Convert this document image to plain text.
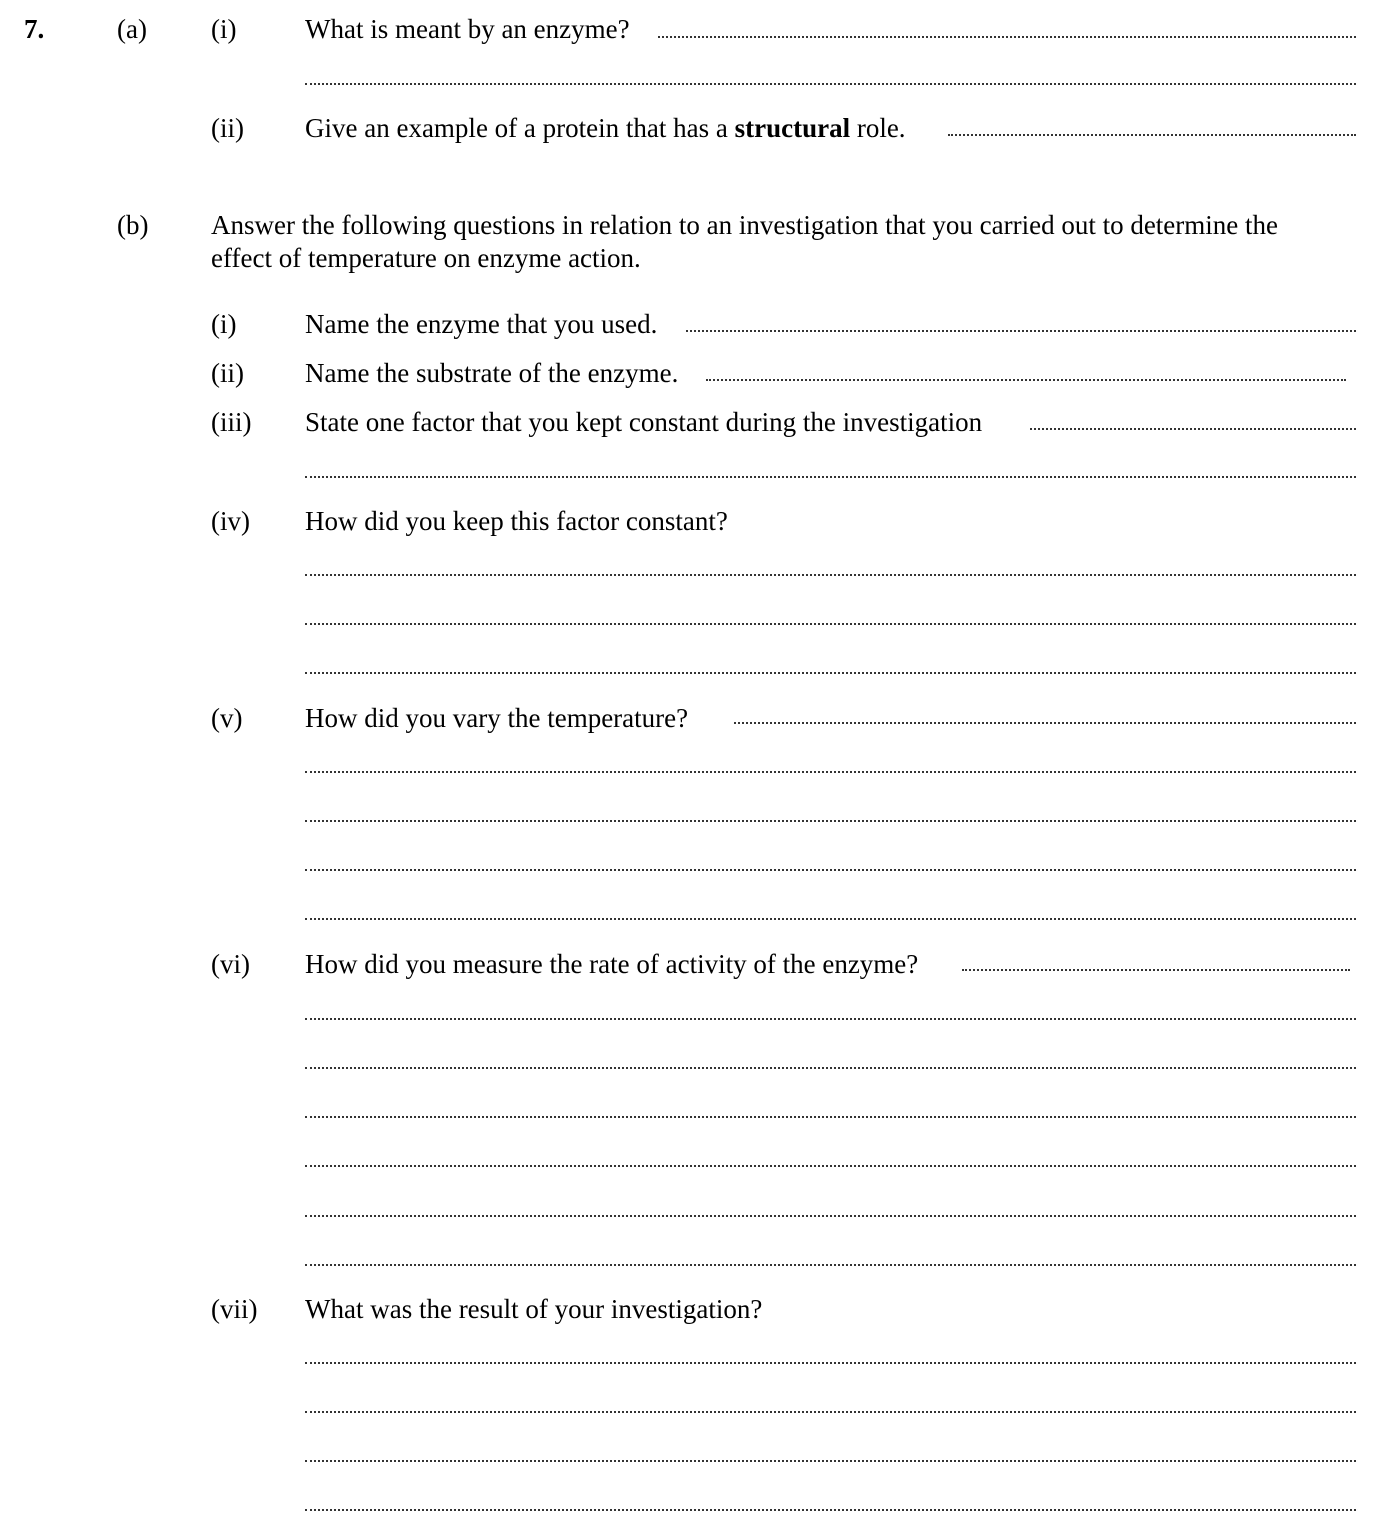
7.	(a) (i)	What is meant by an enzyme?
(ii) Give an example of a protein that has a structural role.
(b) Answer the following questions in relation to an investigation that you carried out to determine the
effect of temperature on enzyme action.
(i)	Name the enzyme that you used.
(ii) Name the substrate of the enzyme.
(iii) State one factor that you kept constant during the investigation
(iv) How did you keep this factor constant?
(v) How did you vary the temperature?
(vi) How did you measure the rate of activity of the enzyme?
(vii) What was the result of your investigation?
